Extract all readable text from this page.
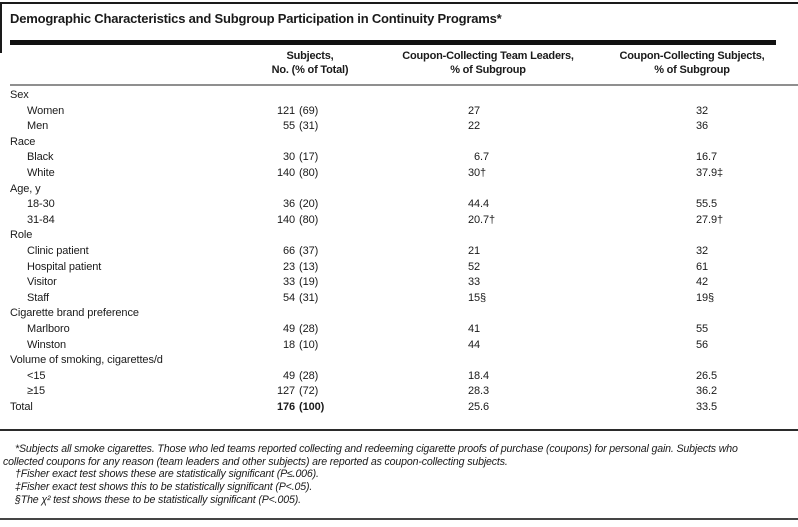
Demographic Characteristics and Subgroup Participation in Continuity Programs*
Subjects,
No. (% of Total)
Coupon-Collecting Team Leaders,
% of Subgroup
Coupon-Collecting Subjects,
% of Subgroup
Sex
Women	121 (69)	27	32
Men	55 (31)	22	36
Race
Black	30 (17)	6.7	16.7
White	140 (80)	30†	37.9‡
Age, y
18-30	36 (20)	44.4	55.5
31-84	140 (80)	20.7†	27.9†
Role
Clinic patient	66 (37)	21	32
Hospital patient	23 (13)	52	61
Visitor	33 (19)	33	42
Staff	54 (31)	15§	19§
Cigarette brand preference
Marlboro	49 (28)	41	55
Winston	18 (10)	44	56
Volume of smoking, cigarettes/d
<15	49 (28)	18.4	26.5
≥15	127 (72)	28.3	36.2
Total	176 (100)	25.6	33.5
*Subjects all smoke cigarettes. Those who led teams reported collecting and redeeming cigarette proofs of purchase (coupons) for personal gain. Subjects who
collected coupons for any reason (team leaders and other subjects) are reported as coupon-collecting subjects.
†Fisher exact test shows these are statistically significant (P≤.006).
‡Fisher exact test shows this to be statistically significant (P<.05).
§The χ² test shows these to be statistically significant (P<.005).
